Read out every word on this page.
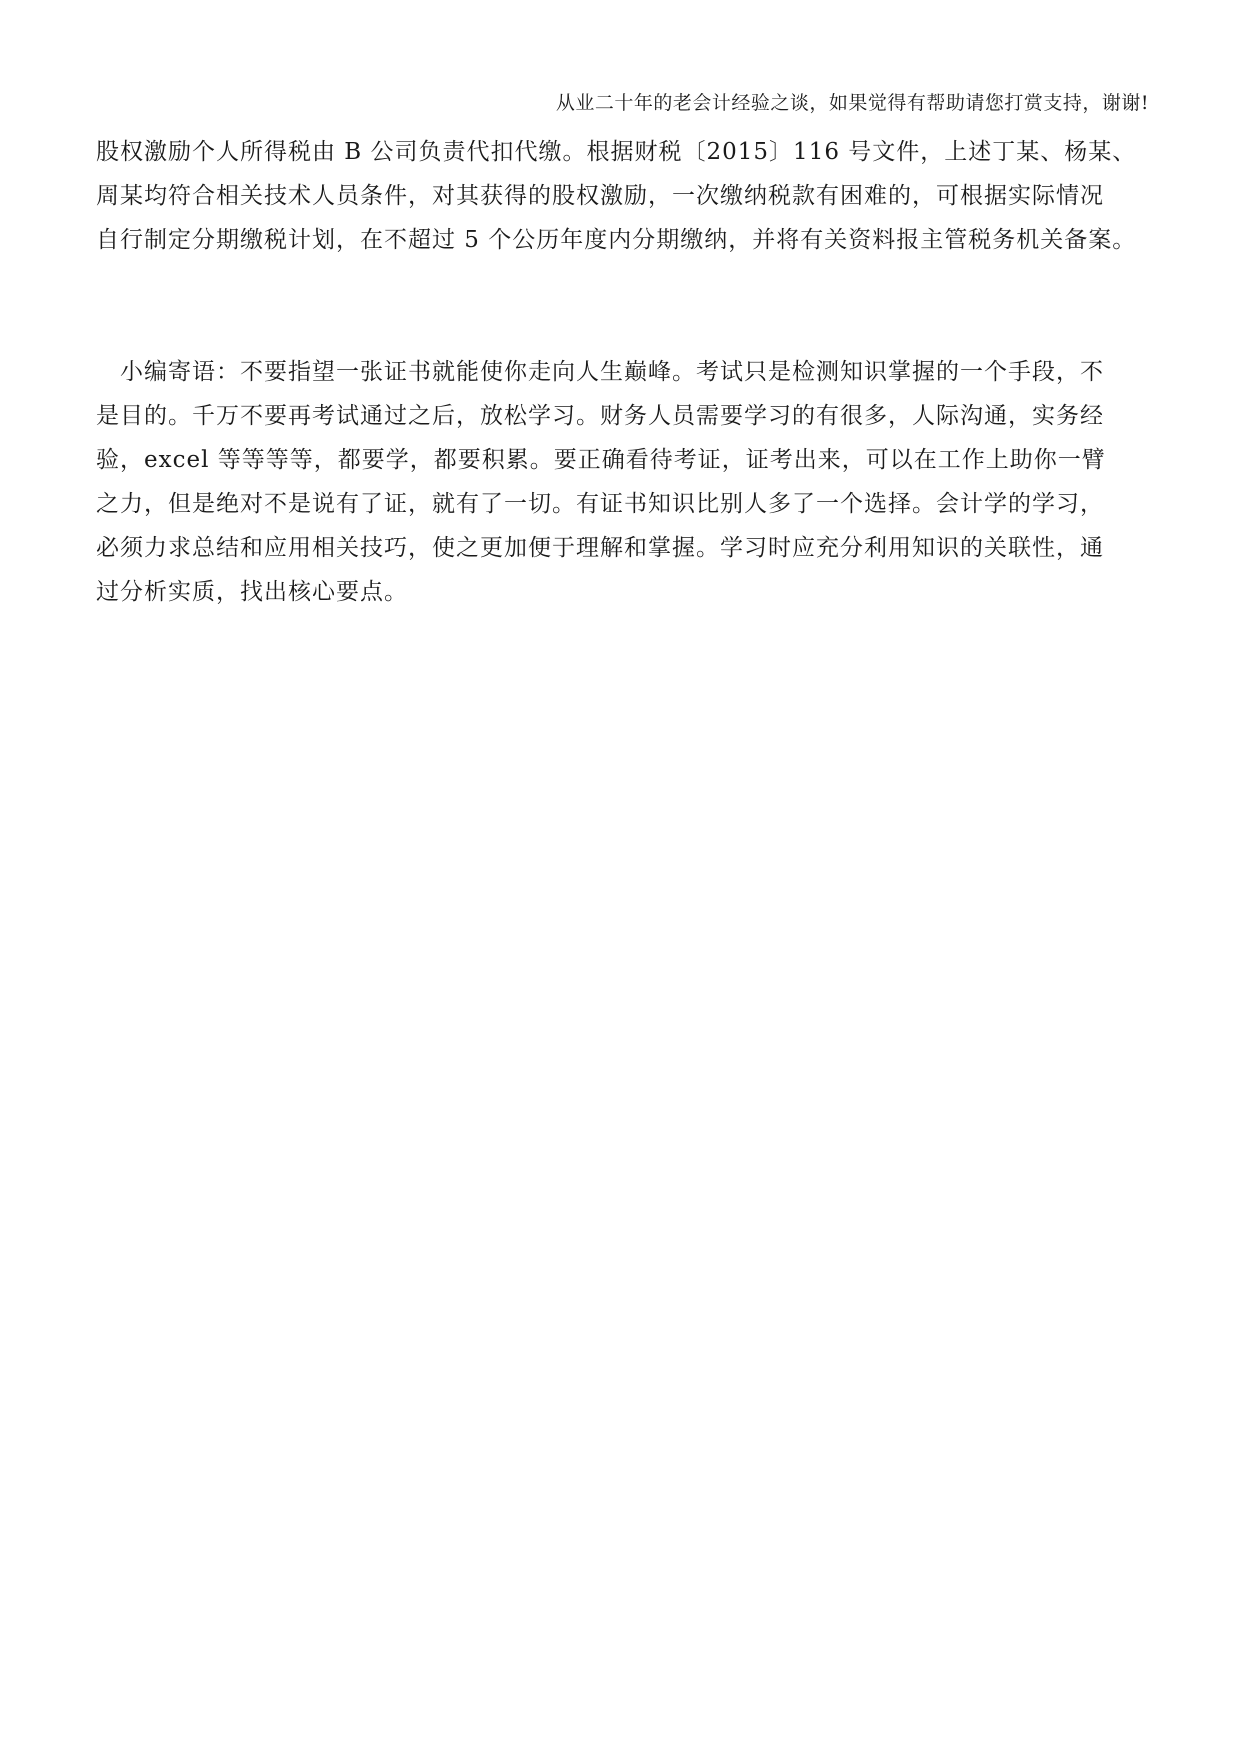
从业二十年的老会计经验之谈，如果觉得有帮助请您打赏支持，谢谢!
股权激励个人所得税由 B 公司负责代扣代缴。根据财税〔2015〕116 号文件，上述丁某、杨某、
周某均符合相关技术人员条件，对其获得的股权激励，一次缴纳税款有困难的，可根据实际情况
自行制定分期缴税计划，在不超过 5 个公历年度内分期缴纳，并将有关资料报主管税务机关备案。
　小编寄语：不要指望一张证书就能使你走向人生巅峰。考试只是检测知识掌握的一个手段，不
是目的。千万不要再考试通过之后，放松学习。财务人员需要学习的有很多，人际沟通，实务经
验，excel 等等等等，都要学，都要积累。要正确看待考证，证考出来，可以在工作上助你一臂
之力，但是绝对不是说有了证，就有了一切。有证书知识比别人多了一个选择。会计学的学习，
必须力求总结和应用相关技巧，使之更加便于理解和掌握。学习时应充分利用知识的关联性，通
过分析实质，找出核心要点。
